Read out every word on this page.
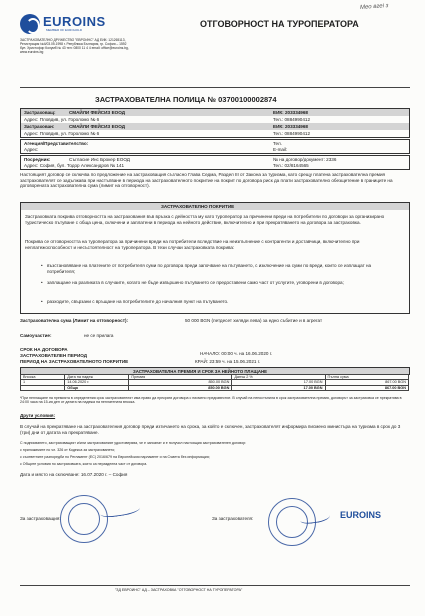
Мео вгеі з
EUROINS
MEMBER OF EUROHOLD
ЗАСТРАХОВАТЕЛНО ДРУЖЕСТВО "ЕВРОИНС" АД ЕИК: 121265113, Регистрация №4/03.05.1998 г. Република България, гр. София – 1592 бул. Христофор Колумб № 43 тел: 0800 11 4 4 email: office@euroins.bg, www.euroins.bg
ОТГОВОРНОСТ НА ТУРОПЕРАТОРА
ЗАСТРАХОВАТЕЛНА ПОЛИЦА № 03700100002874
Застраховащ:	СМАЙЛИ ФЕЙСИЗ ЕООД	ЕИК: 203334968
Адрес: Пловдив, ул. Гороломо № 6	Тел.: 0884990412
Застрахован:	СМАЙЛИ ФЕЙСИЗ ЕООД	ЕИК: 203334968
Адрес: Пловдив, ул. Гороломо № 6	Тел.: 0884990412
Агенция/Представителство:	Тел.
Адрес:	E-mail:
Посредник:	Съгласие Инс Брокер ЕООД	№ на договор/документ: 2336
Адрес: София, бул. Тодор Александров № 141	Тел.: 02/8164565
Настоящият договор се сключва по предложение на застраховащия съгласно Глава Седма, Раздел III от Закона за туризма, като срещу платена застрахователна премия застрахователят се задължава при настъпване в периода на застрахователното покритие на покрит по договора риск да плати застрахователно обезщетение в границите на договорената застрахователна сума (лимит на отговорност).
ЗАСТРАХОВАТЕЛНО ПОКРИТИЕ
Застраховката покрива отговорността на застрахования във връзка с дейността му като туроператор за причинени вреди на потребители по договори за организирано туристическо пътуване с обща цена, сключени и заплатени в периода на нейното действие, включително и при прекратяването на договора за застраховка.
Покрива се отговорността на туроператора за причинени вреди на потребители вследствие на неизпълнение с контрагенти и доставчици, включително при неплатежоспособност и несъстоятелност на туроператора. В тези случаи застраховката покрива:
• възстановяване на платените от потребителя суми по договора преди започване на пътуването, с изключение на суми по вреди, които се изплащат на потребителя;
• заплащане на разликата в случаите, когато не бъде извършено пътуването се предоставени само част от услугите, уговорени в договора;
• разходите, свързани с връщане на потребителите до началния пункт на пътуването.
Застрахователна сума (Лимит на отговорност):	50 000 BGN (петдесет хиляди лева) за едно събитие и в агрегат
Самоучастие:	не се прилага
СРОК НА ДОГОВОРА
ЗАСТРАХОВАТЕЛЕН ПЕРИОД
ПЕРИОД НА ЗАСТРАХОВАТЕЛНОТО ПОКРИТИЕ
НАЧАЛО: 00:00 ч. на 16.06.2020 г.
КРАЙ: 23:59 ч. на 15.06.2021 г.
ЗАСТРАХОВАТЕЛНА ПРЕМИЯ И СРОК ЗА НЕЙНОТО ПЛАЩАНЕ
Вноска	Дата на падеж	Премия	Данък 2 %	Пълна сума
1	14.06.2020 г.	850.00 BGN	17.00 BGN	867.00 BGN
	Общо	850.00 BGN	17.00 BGN	867.00 BGN
*При неплащане на премията в определения срок застрахователят има право да прекрати договора с писмено предизвестие. В случай на непостъпила в срок застрахователна премия, договорът за застраховка се прекратява в 24:00 часа на 15-ия ден от датата на падежа на неплатената вноска.
Други условия:
В случай на прекратяване на застрахователния договор преди изтичането на срока, за който е сключен, застрахователят информира писмено министъра на туризма в срок до 3 (три) дни от датата на прекратяване.
С подписването, застраховащият и/или застрахованият удостоверява, че е запознат и е получил настоящия застрахователен договор:
с приложимите по чл. 326 от Кодекса за застраховането;
с съответните разпоредби по Регламент (ЕС) 2016/679 на Европейския парламент и на Съвета без информация;
с Общите условия по застраховката, които са неразделна част от договора.
Дата и място на сключване: 16.07.2020 г. – София
За застраховащия:	За застрахователя:	EUROINS
"ЗД ЕВРОИНС" АД – ЗАСТРАХОВКА "ОТГОВОРНОСТ НА ТУРОПЕРАТОРА"
